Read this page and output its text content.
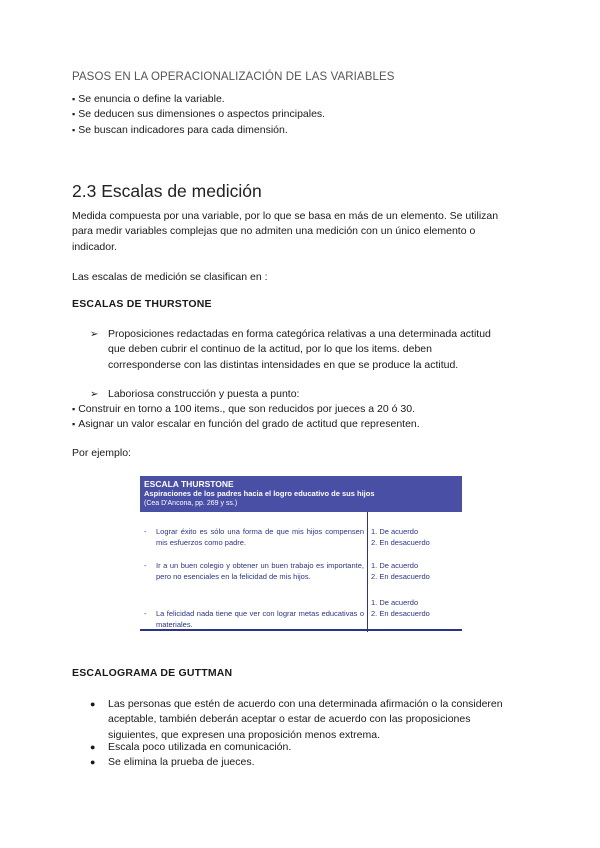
PASOS EN LA OPERACIONALIZACIÓN DE LAS VARIABLES
▪ Se enuncia o define la variable.
▪ Se deducen sus dimensiones o aspectos principales.
▪ Se buscan indicadores para cada dimensión.
2.3 Escalas de medición
Medida compuesta por una variable, por lo que se basa en más de un elemento. Se utilizan
para medir variables complejas que no admiten una medición con un único elemento o
indicador.
Las escalas de medición se clasifican en :
ESCALAS DE THURSTONE
➢ Proposiciones redactadas en forma categórica relativas a una determinada actitud
que deben cubrir el continuo de la actitud, por lo que los items. deben
corresponderse con las distintas intensidades en que se produce la actitud.
➢ Laboriosa construcción y puesta a punto:
▪ Construir en torno a 100 items., que son reducidos por jueces a 20 ó 30.
▪ Asignar un valor escalar en función del grado de actitud que representen.
Por ejemplo:
ESCALA THURSTONE
Aspiraciones de los padres hacia el logro educativo de sus hijos
(Cea D'Ancona, pp. 269 y ss.)
- Lograr éxito es sólo una forma de que mis hijos compensen mis esfuerzos como padre.
1. De acuerdo
2. En desacuerdo
- Ir a un buen colegio y obtener un buen trabajo es importante, pero no esenciales en la felicidad de mis hijos.
1. De acuerdo
2. En desacuerdo
- La felicidad nada tiene que ver con lograr metas educativas o materiales.
1. De acuerdo
2. En desacuerdo
ESCALOGRAMA DE GUTTMAN
●	Las personas que estén de acuerdo con una determinada afirmación o la consideren
aceptable, también deberán aceptar o estar de acuerdo con las proposiciones
siguientes, que expresen una proposición menos extrema.
●	Escala poco utilizada en comunicación.
●	Se elimina la prueba de jueces.
